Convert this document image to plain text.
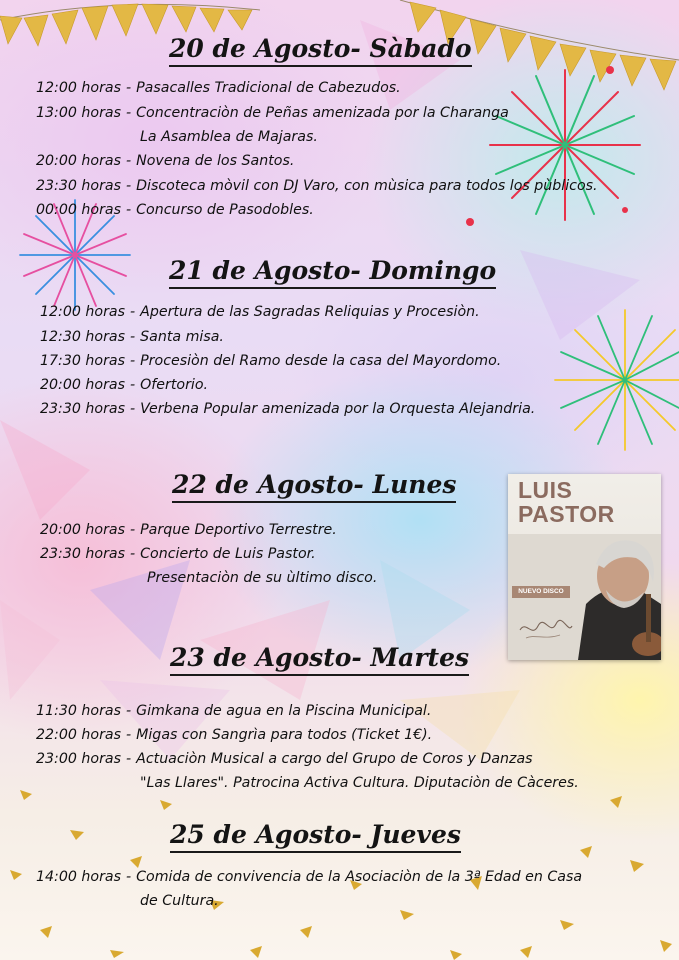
20 de Agosto- Sàbado
12:00 horas - Pasacalles Tradicional de Cabezudos.
13:00 horas - Concentraciòn de Peñas amenizada por la Charanga
La Asamblea de Majaras.
20:00 horas - Novena de los Santos.
23:30 horas - Discoteca mòvil con DJ Varo, con mùsica para todos los pùblicos.
00:00 horas - Concurso de Pasodobles.
21 de Agosto- Domingo
12:00 horas - Apertura de las Sagradas Reliquias y Procesiòn.
12:30 horas - Santa misa.
17:30 horas - Procesiòn del Ramo desde la casa del Mayordomo.
20:00 horas - Ofertorio.
23:30 horas - Verbena Popular amenizada por la Orquesta Alejandria.
22 de Agosto- Lunes
20:00 horas - Parque Deportivo Terrestre.
23:30 horas - Concierto de Luis Pastor.
Presentaciòn de su ùltimo disco.

LUIS
PASTOR

NUEVO DISCO
23 de Agosto- Martes
11:30 horas - Gimkana de agua en la Piscina Municipal.
22:00 horas - Migas con Sangrìa para todos (Ticket 1€).
23:00 horas - Actuaciòn Musical a cargo del Grupo de Coros y Danzas
"Las Llares". Patrocina Activa Cultura. Diputaciòn de Càceres.
25 de Agosto- Jueves
14:00 horas - Comida de convivencia de la Asociaciòn de la 3ª Edad en Casa
de Cultura.
